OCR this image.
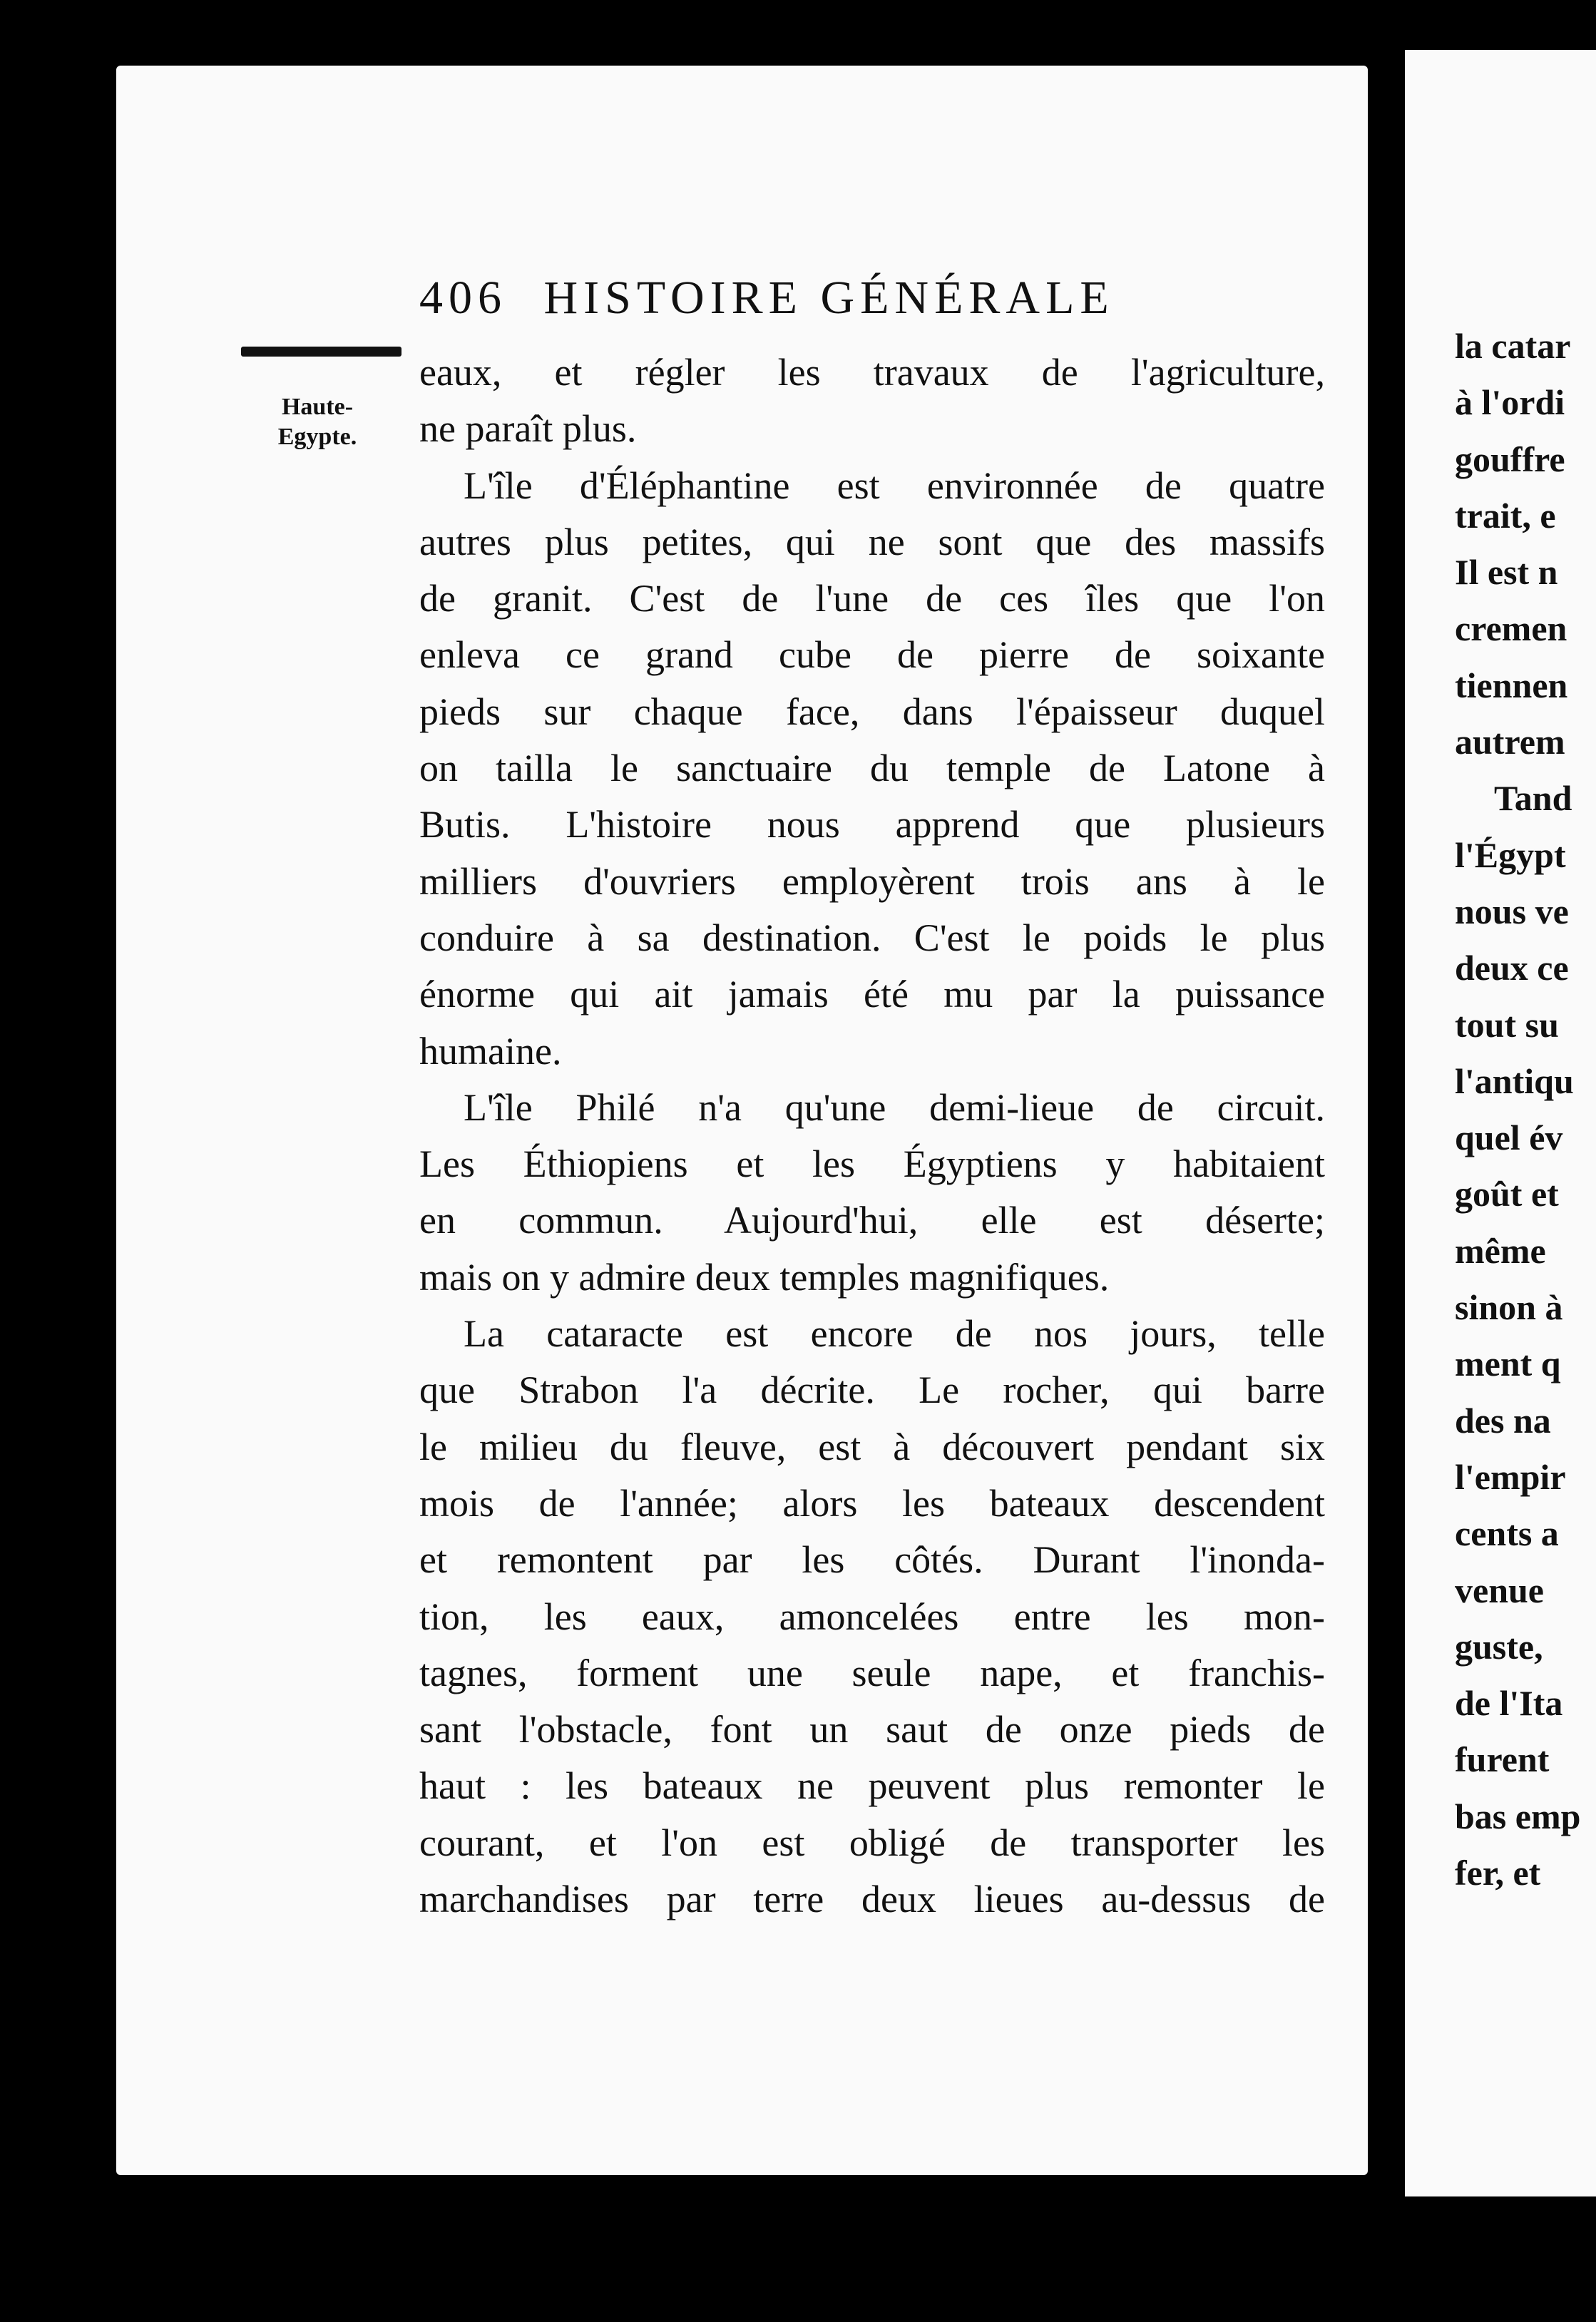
406 HISTOIRE GÉNÉRALE
Haute-
Egypte.
eaux, et régler les travaux de l'agriculture,
ne paraît plus.
L'île d'Éléphantine est environnée de quatre
autres plus petites, qui ne sont que des massifs
de granit. C'est de l'une de ces îles que l'on
enleva ce grand cube de pierre de soixante
pieds sur chaque face, dans l'épaisseur duquel
on tailla le sanctuaire du temple de Latone à
Butis. L'histoire nous apprend que plusieurs
milliers d'ouvriers employèrent trois ans à le
conduire à sa destination. C'est le poids le plus
énorme qui ait jamais été mu par la puissance
humaine.
L'île Philé n'a qu'une demi-lieue de circuit.
Les Éthiopiens et les Égyptiens y habitaient
en commun. Aujourd'hui, elle est déserte;
mais on y admire deux temples magnifiques.
La cataracte est encore de nos jours, telle
que Strabon l'a décrite. Le rocher, qui barre
le milieu du fleuve, est à découvert pendant six
mois de l'année; alors les bateaux descendent
et remontent par les côtés. Durant l'inonda-
tion, les eaux, amoncelées entre les mon-
tagnes, forment une seule nape, et franchis-
sant l'obstacle, font un saut de onze pieds de
haut : les bateaux ne peuvent plus remonter le
courant, et l'on est obligé de transporter les
marchandises par terre deux lieues au-dessus de
la catar
à l'ordi
gouffre
trait, e
Il est n
cremen
tiennen
autrem
Tand
l'Égypt
nous ve
deux ce
tout su
l'antiqu
quel év
goût et
même
sinon à
ment q
des na
l'empir
cents a
venue
guste,
de l'Ita
furent
bas emp
fer, et
